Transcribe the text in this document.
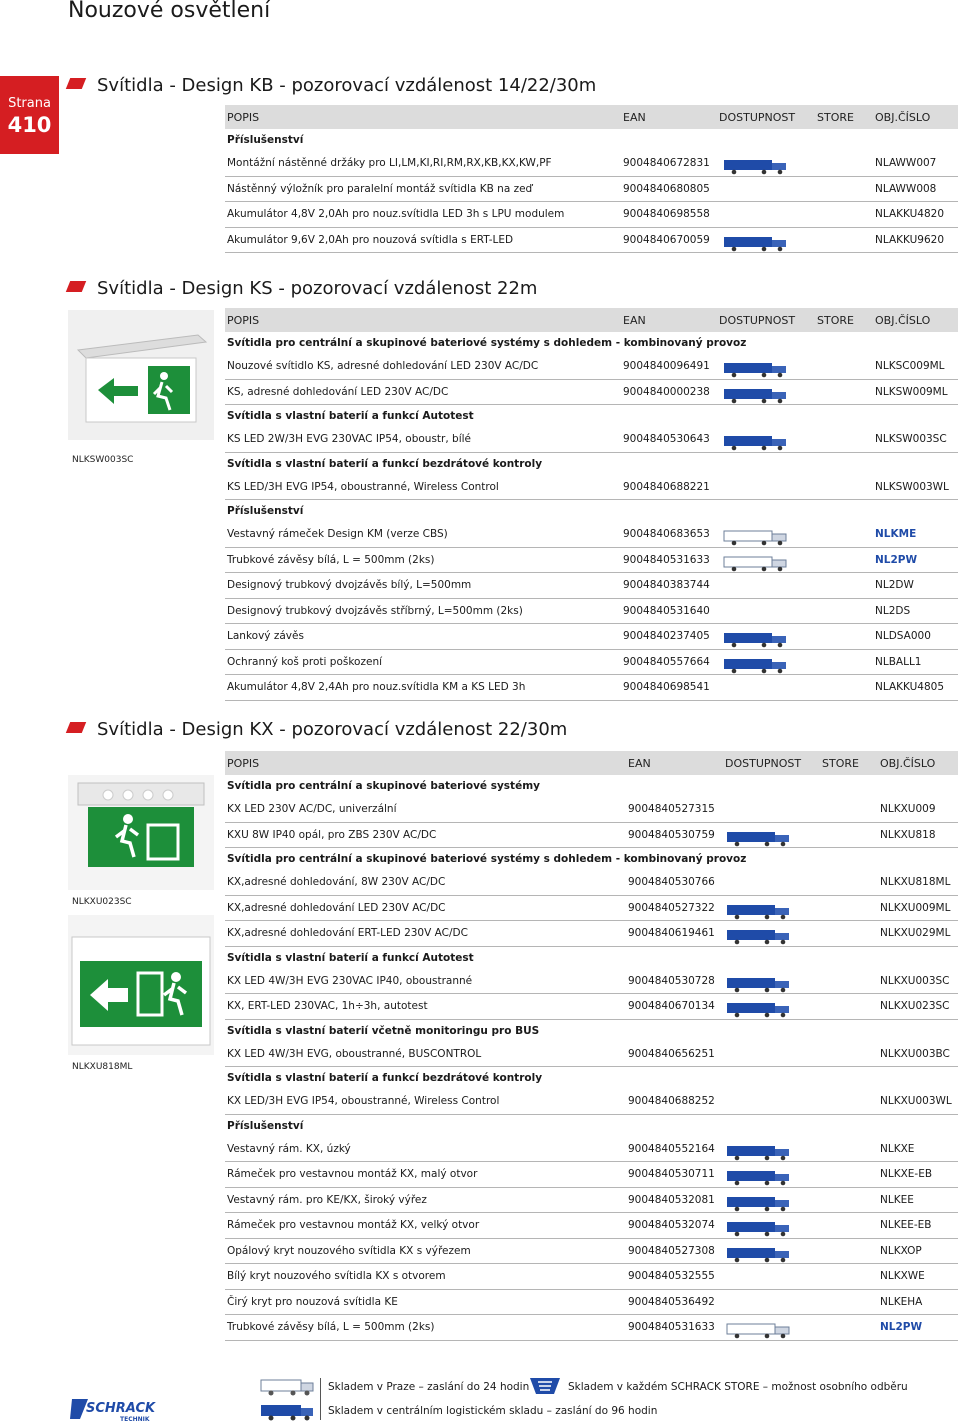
Nouzové osvětlení
Strana
410
Svítidla - Design KB - pozorovací vzdálenost 14/22/30m
Svítidla - Design KS - pozorovací vzdálenost 22m
Svítidla - Design KX - pozorovací vzdálenost 22/30m
POPIS	EAN	DOSTUPNOST STORE OBJ.ČÍSLO
Příslušenství
Montážní nástěnné držáky pro LI,LM,KI,RI,RM,RX,KB,KX,KW,PF	9004840672831	NLAWW007
Nástěnný výložník pro paralelní montáž svítidla KB na zeď	9004840680805	NLAWW008
Akumulátor 4,8V 2,0Ah pro nouz.svítidla LED 3h s LPU modulem	9004840698558	NLAKKU4820
Akumulátor 9,6V 2,0Ah pro nouzová svítidla s ERT-LED	9004840670059	NLAKKU9620
POPIS	EAN	DOSTUPNOST STORE OBJ.ČÍSLO
Svítidla pro centrální a skupinové bateriové systémy s dohledem - kombinovaný provoz
Nouzové svítidlo KS, adresné dohledování LED 230V AC/DC	9004840096491	NLKSC009ML
KS, adresné dohledování LED 230V AC/DC	9004840000238	NLKSW009ML
Svítidla s vlastní baterií a funkcí Autotest
KS LED 2W/3H EVG 230VAC IP54, oboustr, bílé	9004840530643	NLKSW003SC
Svítidla s vlastní baterií a funkcí bezdrátové kontroly
KS LED/3H EVG IP54, oboustranné, Wireless Control	9004840688221	NLKSW003WL
Příslušenství
Vestavný rámeček Design KM (verze CBS)	9004840683653	NLKME
Trubkové závěsy bílá, L = 500mm (2ks)	9004840531633	NL2PW
Designový trubkový dvojzávěs bílý, L=500mm	9004840383744	NL2DW
Designový trubkový dvojzávěs stříbrný, L=500mm (2ks)	9004840531640	NL2DS
Lankový závěs	9004840237405	NLDSA000
Ochranný koš proti poškození	9004840557664	NLBALL1
Akumulátor 4,8V 2,4Ah pro nouz.svítidla KM a KS LED 3h	9004840698541	NLAKKU4805
POPIS	EAN	DOSTUPNOST STORE OBJ.ČÍSLO
Svítidla pro centrální a skupinové bateriové systémy
KX LED 230V AC/DC, univerzální	9004840527315	NLKXU009
KXU 8W IP40 opál, pro ZBS 230V AC/DC	9004840530759	NLKXU818
Svítidla pro centrální a skupinové bateriové systémy s dohledem - kombinovaný provoz
KX,adresné dohledování, 8W 230V AC/DC	9004840530766	NLKXU818ML
KX,adresné dohledování LED 230V AC/DC	9004840527322	NLKXU009ML
KX,adresné dohledování ERT-LED 230V AC/DC	9004840619461	NLKXU029ML
Svítidla s vlastní baterií a funkcí Autotest
KX LED 4W/3H EVG 230VAC IP40, oboustranné	9004840530728	NLKXU003SC
KX, ERT-LED 230VAC, 1h÷3h, autotest	9004840670134	NLKXU023SC
Svítidla s vlastní baterií včetně monitoringu pro BUS
KX LED 4W/3H EVG, oboustranné, BUSCONTROL	9004840656251	NLKXU003BC
Svítidla s vlastní baterií a funkcí bezdrátové kontroly
KX LED/3H EVG IP54, oboustranné, Wireless Control	9004840688252	NLKXU003WL
Příslušenství
Vestavný rám. KX, úzký	9004840552164	NLKXE
Rámeček pro vestavnou montáž KX, malý otvor	9004840530711	NLKXE-EB
Vestavný rám. pro KE/KX, široký výřez	9004840532081	NLKEE
Rámeček pro vestavnou montáž KX, velký otvor	9004840532074	NLKEE-EB
Opálový kryt nouzového svítidla KX s výřezem	9004840527308	NLKXOP
Bílý kryt nouzového svítidla KX s otvorem	9004840532555	NLKXWE
Čirý kryt pro nouzová svítidla KE	9004840536492	NLKEHA
Trubkové závěsy bílá, L = 500mm (2ks)	9004840531633	NL2PW
NLKSW003SC
NLKXU023SC
NLKXU818ML
Skladem v Praze – zaslání do 24 hodin	Skladem v každém SCHRACK STORE – možnost osobního odběru
Skladem v centrálním logistickém skladu – zaslání do 96 hodin
SCHRACK
TECHNIK
